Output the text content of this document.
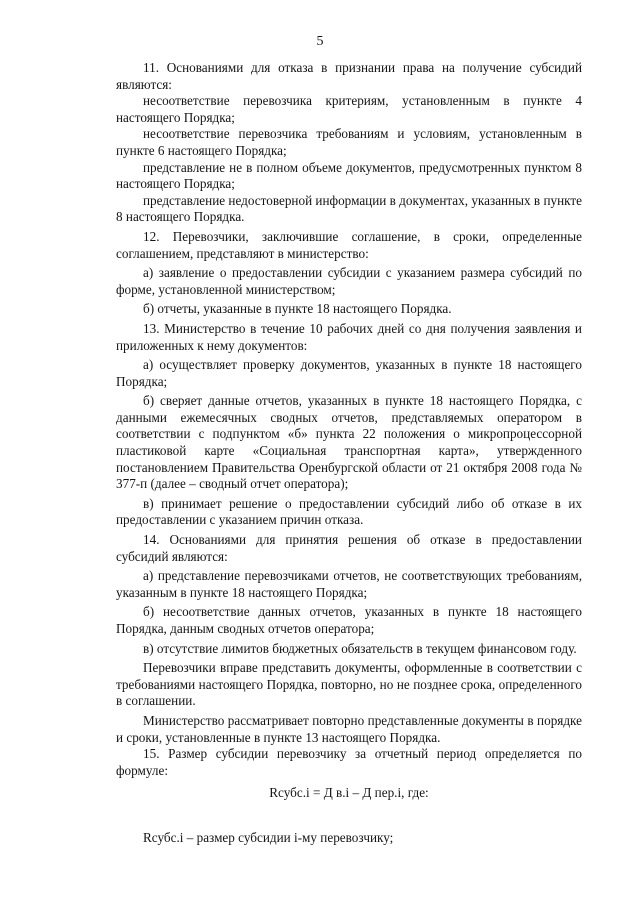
5

11. Основаниями для отказа в признании права на получение субсидий являются:

несоответствие перевозчика критериям, установленным в пункте 4 настоящего Порядка;

несоответствие перевозчика требованиям и условиям, установленным в пункте 6 настоящего Порядка;

представление не в полном объеме документов, предусмотренных пунктом 8 настоящего Порядка;

представление недостоверной информации в документах, указанных в пункте 8 настоящего Порядка.

12. Перевозчики, заключившие соглашение, в сроки, определенные соглашением, представляют в министерство:

а) заявление о предоставлении субсидии с указанием размера субсидий по форме, установленной министерством;

б) отчеты, указанные в пункте 18 настоящего Порядка.

13. Министерство в течение 10 рабочих дней со дня получения заявления и приложенных к нему документов:

а) осуществляет проверку документов, указанных в пункте 18 настоящего Порядка;

б) сверяет данные отчетов, указанных в пункте 18 настоящего Порядка, с данными ежемесячных сводных отчетов, представляемых оператором в соответствии с подпунктом «б» пункта 22 положения о микропроцессорной пластиковой карте «Социальная транспортная карта», утвержденного постановлением Правительства Оренбургской области от 21 октября 2008 года № 377-п (далее – сводный отчет оператора);

в) принимает решение о предоставлении субсидий либо об отказе в их предоставлении с указанием причин отказа.

14. Основаниями для принятия решения об отказе в предоставлении субсидий являются:

а) представление перевозчиками отчетов, не соответствующих требованиям, указанным в пункте 18 настоящего Порядка;

б) несоответствие данных отчетов, указанных в пункте 18 настоящего Порядка, данным сводных отчетов оператора;

в) отсутствие лимитов бюджетных обязательств в текущем финансовом году.

Перевозчики вправе представить документы, оформленные в соответствии с требованиями настоящего Порядка, повторно, но не позднее срока, определенного в соглашении.

Министерство рассматривает повторно представленные документы в порядке и сроки, установленные в пункте 13 настоящего Порядка.

15. Размер субсидии перевозчику за отчетный период определяется по формуле:

Rсубс.i = Д в.i – Д пер.i, где:

Rсубс.i – размер субсидии i-му перевозчику;
